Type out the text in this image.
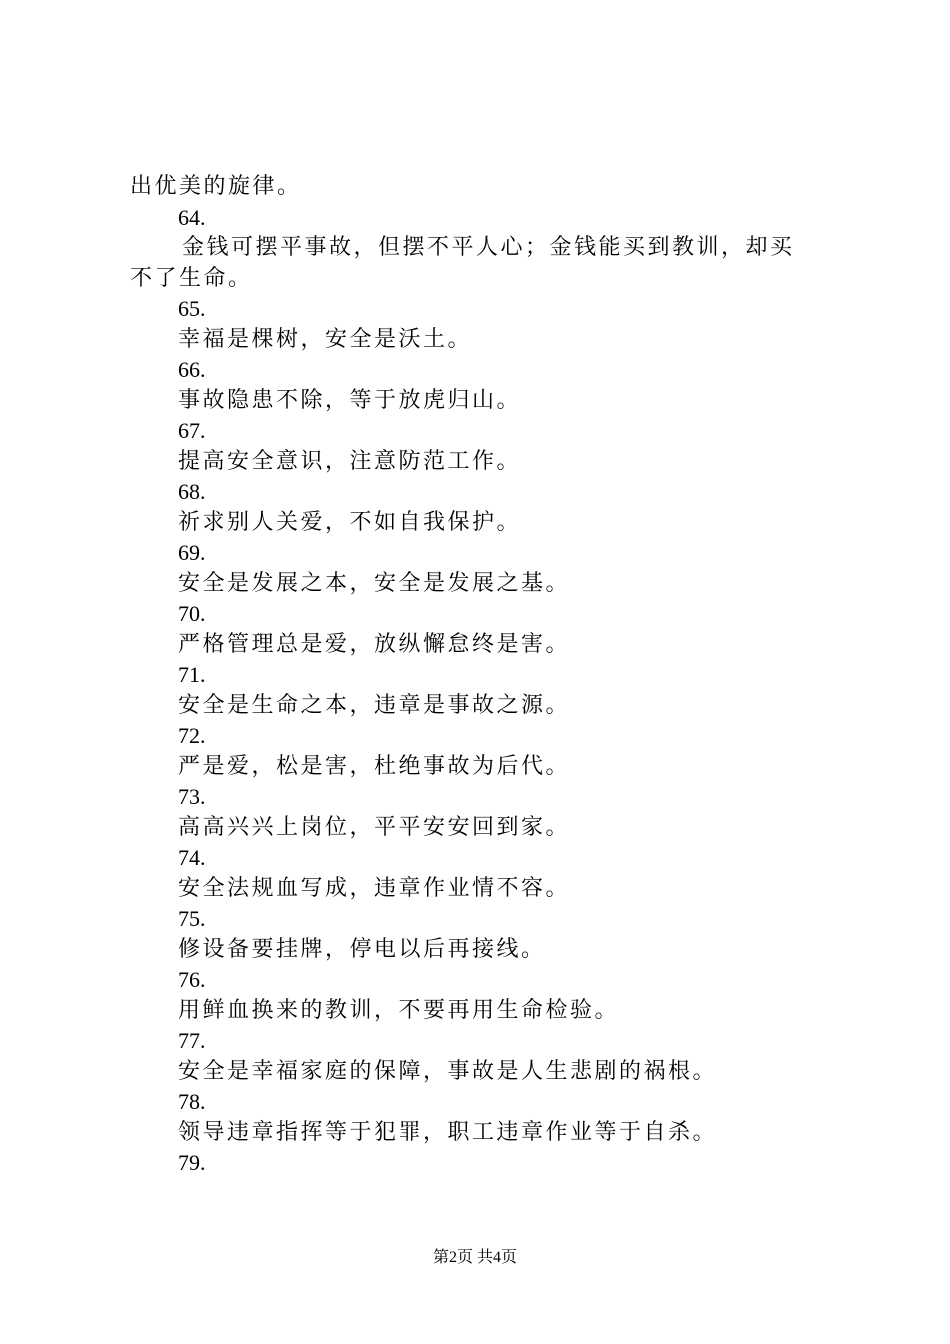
出优美的旋律。
64.
金钱可摆平事故，但摆不平人心；金钱能买到教训，却买
不了生命。
65.
幸福是棵树，安全是沃土。
66.
事故隐患不除，等于放虎归山。
67.
提高安全意识，注意防范工作。
68.
祈求别人关爱，不如自我保护。
69.
安全是发展之本，安全是发展之基。
70.
严格管理总是爱，放纵懈怠终是害。
71.
安全是生命之本，违章是事故之源。
72.
严是爱，松是害，杜绝事故为后代。
73.
高高兴兴上岗位，平平安安回到家。
74.
安全法规血写成，违章作业情不容。
75.
修设备要挂牌，停电以后再接线。
76.
用鲜血换来的教训，不要再用生命检验。
77.
安全是幸福家庭的保障，事故是人生悲剧的祸根。
78.
领导违章指挥等于犯罪，职工违章作业等于自杀。
79.
第2页 共4页
